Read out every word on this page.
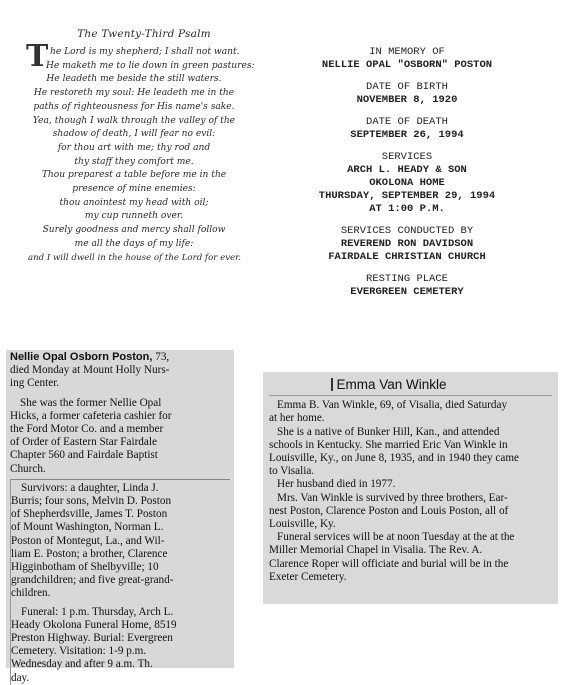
The Twenty-Third Psalm
T he Lord is my shepherd; I shall not want.
He maketh me to lie down in green pastures:
He leadeth me beside the still waters.
He restoreth my soul: He leadeth me in the
paths of righteousness for His name's sake.
Yea, though I walk through the valley of the
shadow of death, I will fear no evil:
for thou art with me; thy rod and
thy staff they comfort me.
Thou preparest a table before me in the
presence of mine enemies:
thou anointest my head with oil;
my cup runneth over.
Surely goodness and mercy shall follow
me all the days of my life:
and I will dwell in the house of the Lord for ever.
IN MEMORY OF
NELLIE OPAL "OSBORN" POSTON
DATE OF BIRTH
NOVEMBER 8, 1920
DATE OF DEATH
SEPTEMBER 26, 1994
SERVICES
ARCH L. HEADY & SON
OKOLONA HOME
THURSDAY, SEPTEMBER 29, 1994
AT 1:00 P.M.
SERVICES CONDUCTED BY
REVEREND RON DAVIDSON
FAIRDALE CHRISTIAN CHURCH
RESTING PLACE
EVERGREEN CEMETERY
Nellie Opal Osborn Poston, 73,
died Monday at Mount Holly Nurs-
ing Center.
She was the former Nellie Opal
Hicks, a former cafeteria cashier for
the Ford Motor Co. and a member
of Order of Eastern Star Fairdale
Chapter 560 and Fairdale Baptist
Church.
Survivors: a daughter, Linda J.
Burris; four sons, Melvin D. Poston
of Shepherdsville, James T. Poston
of Mount Washington, Norman L.
Poston of Montegut, La., and Wil-
liam E. Poston; a brother, Clarence
Higginbotham of Shelbyville; 10
grandchildren; and five great-grand-
children.
Funeral: 1 p.m. Thursday, Arch L.
Heady Okolona Funeral Home, 8519
Preston Highway. Burial: Evergreen
Cemetery. Visitation: 1-9 p.m.
Wednesday and after 9 a.m. Th.
day.
Emma Van Winkle
Emma B. Van Winkle, 69, of Visalia, died Saturday
at her home.
She is a native of Bunker Hill, Kan., and attended
schools in Kentucky. She married Eric Van Winkle in
Louisville, Ky., on June 8, 1935, and in 1940 they came
to Visalia.
Her husband died in 1977.
Mrs. Van Winkle is survived by three brothers, Ear-
nest Poston, Clarence Poston and Louis Poston, all of
Louisville, Ky.
Funeral services will be at noon Tuesday at the at the
Miller Memorial Chapel in Visalia. The Rev. A.
Clarence Roper will officiate and burial will be in the
Exeter Cemetery.
